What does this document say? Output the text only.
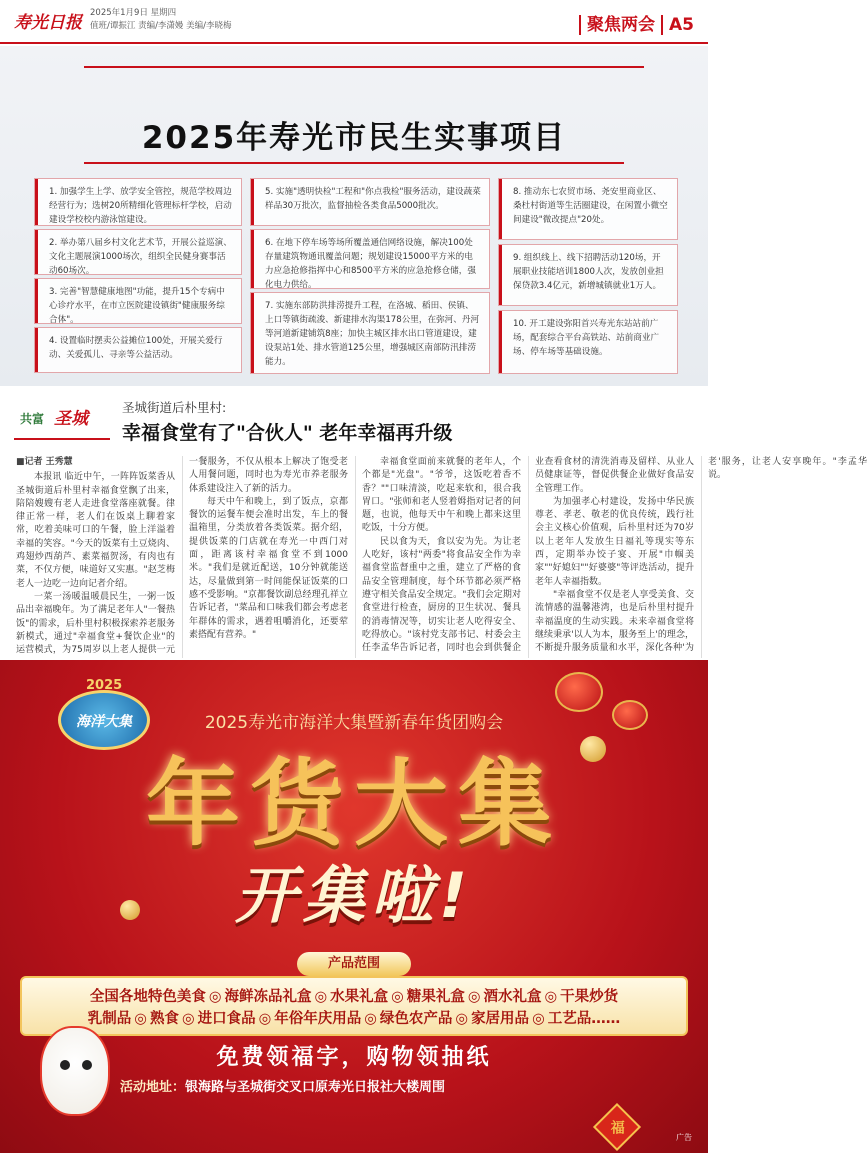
寿光日报 2025年1月9日 星期四
值班/谭振江 责编/李潇嫚 美编/李晓梅	聚焦两会 A5
2025年寿光市民生实事项目
1. 加强学生上学、放学安全管控，规范学校周边经营行为；选树20所精细化管理标杆学校，启动建设学校校内游泳馆建设。
2. 举办第八届乡村文化艺术节，开展公益巡演、文化主题展演1000场次，组织全民健身赛事活动60场次。
3. 完善"智慧健康地图"功能，提升15个专病中心诊疗水平，在市立医院建设镇街"健康服务综合体"。
4. 设置临时摆卖公益摊位100处，开展关爱行动、关爱孤儿、寻亲等公益活动。
5. 实施"透明快检"工程和"你点我检"服务活动，建设蔬菜样品30万批次，监督抽检各类食品5000批次。
6. 在地下停车场等场所覆盖通信网络设施，解决100处存量建筑物通讯覆盖问题；规划建设15000平方米的电力应急抢修指挥中心和8500平方米的应急抢修仓储，强化电力供给。
7. 实施东部防洪排涝提升工程，在洛城、稻田、侯镇、上口等镇街疏浚、新建排水沟渠178公里，在弥河、丹河等河道新建铺筑8座；加快主城区排水出口管道建设，建设泵站1处、排水管道125公里，增强城区南部防汛排涝能力。
8. 推动东七农贸市场、尧安里商业区、桑杜村街道等生活圈建设，在闲置小微空间建设"微改提点"20处。
9. 组织线上、线下招聘活动120场，开展职业技能培训1800人次，发放创业担保贷款3.4亿元，新增城镇就业1万人。
10. 开工建设弥阳首兴寿光东站站前广场，配套综合平台高铁站、站前商业广场、停车场等基础设施。
共富 圣城
圣城街道后朴里村:
幸福食堂有了"合伙人" 老年幸福再升级

■记者 王秀慧

本报讯 临近中午，一阵阵饭菜香从圣城街道后朴里村幸福食堂飘了出来，陪陪嫂嫂有老人走进食堂落座就餐。律律正常一样，老人们在饭桌上聊着家常，吃着美味可口的午餐，脸上洋溢着幸福的笑容。"今天的饭菜有土豆烧肉、鸡翅炒西葫芦、素菜福贺汤，有肉也有菜，不仅方便，味道好又实惠。"赵芝梅老人一边吃一边向记者介绍。

一菜一汤暖温暖晨民生，一粥一饭品出幸福晚年。为了满足老年人"一餐热饭"的需求，后朴里村积极探索养老服务新模式，通过"幸福食堂+餐饮企业"的运营模式，为75周岁以上老人提供一元一餐服务，不仅从根本上解决了饱受老人用餐问题，同时也为寿光市养老服务体系建设注入了新的活力。

每天中午和晚上，到了饭点，京都餐饮的运餐车便会准时出发，车上的餐温箱里，分类放着各类饭菜。据介绍，提供饭菜的门店就在寿光一中西门对面，距离该村幸福食堂不到1000米。"我们是就近配送，10分钟就能送达，尽量做到第一时间能保证饭菜的口感不受影响。"京都餐饮副总经理孔祥立告诉记者，"菜品和口味我们都会考虑老年群体的需求，遇着咀嚼消化，还要荤素搭配有营养。"

幸福食堂面前来就餐的老年人，个个都是"光盘"。"爷爷，这饭吃着香不香？""口味清淡，吃起来软和，很合我胃口。"张师和老人竖着姆指对记者的问题，也说，他每天中午和晚上都来这里吃饭，十分方便。

民以食为天，食以安为先。为让老人吃好，该村"两委"将食品安全作为幸福食堂监督重中之重，建立了严格的食品安全管理制度，每个环节都必须严格遵守相关食品安全规定。"我们会定期对食堂进行检查，厨房的卫生状况、餐具的消毒情况等，切实让老人吃得安全、吃得放心。"该村党支部书记、村委会主任李孟华告诉记者，同时也会到供餐企业查看食材的清洗消毒及留样、从业人员健康证等，督促供餐企业做好食品安全管理工作。

为加强孝心村建设，发扬中华民族尊老、孝老、敬老的优良传统，践行社会主义核心价值观，后朴里村还为70岁以上老年人发放生日福礼等现实等东西，定期举办饺子宴、开展"巾帼美家""好媳妇""好婆婆"等评选活动，提升老年人幸福指数。

"幸福食堂不仅是老人享受美食、交流情感的温馨港湾，也是后朴里村提升幸福温度的生动实践。未来幸福食堂将继续秉承'以人为本，服务至上'的理念，不断提升服务质量和水平，深化各种'为老'服务，让老人安享晚年。"李孟华说。

海洋大集
2025
2025寿光市海洋大集暨新春年货团购会
年货大集
开集啦!
产品范围
全国各地特色美食 ◎ 海鲜冻品礼盒 ◎ 水果礼盒 ◎ 糖果礼盒 ◎ 酒水礼盒 ◎ 干果炒货
乳制品 ◎ 熟食 ◎ 进口食品 ◎ 年俗年庆用品 ◎ 绿色农产品 ◎ 家居用品 ◎ 工艺品……
免费领福字，购物领抽纸
活动地址：银海路与圣城街交叉口原寿光日报社大楼周围
福
广告
